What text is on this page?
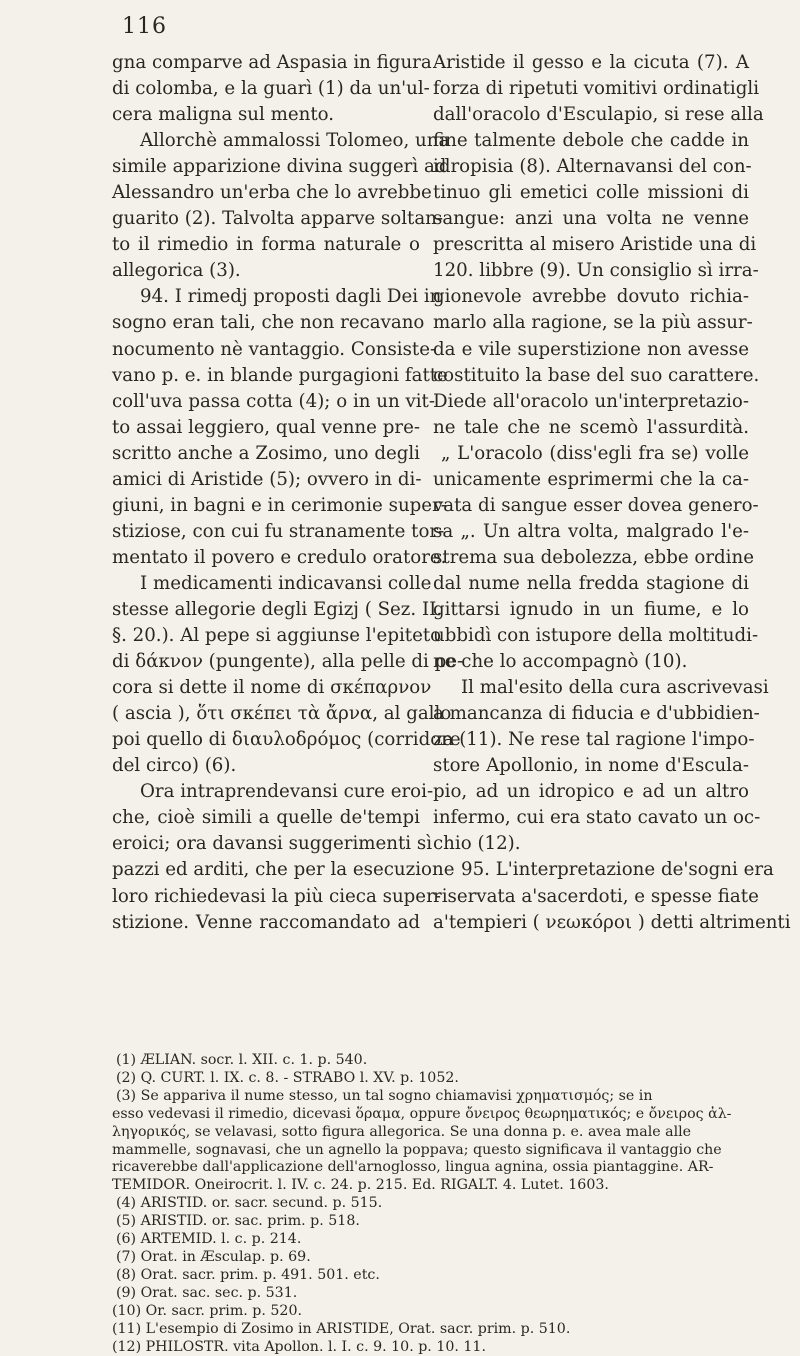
116

gna comparve ad Aspasia in figura

di colomba, e la guarì (1) da un'ul-

cera maligna sul mento.

Allorchè ammalossi Tolomeo, una

simile apparizione divina suggerì ad

Alessandro un'erba che lo avrebbe

guarito (2). Talvolta apparve soltan-

to il rimedio in forma naturale o

allegorica (3).

94. I rimedj proposti dagli Dei in

sogno eran tali, che non recavano

nocumento nè vantaggio. Consiste-

vano p. e. in blande purgagioni fatte

coll'uva passa cotta (4); o in un vit-

to assai leggiero, qual venne pre-

scritto anche a Zosimo, uno degli

amici di Aristide (5); ovvero in di-

giuni, in bagni e in cerimonie super-

stiziose, con cui fu stranamente tor-

mentato il povero e credulo oratore.

I medicamenti indicavansi colle

stesse allegorie degli Egizj ( Sez. II.

§. 20.). Al pepe si aggiunse l'epiteto

di δάκνον (pungente), alla pelle di pe-

cora si dette il nome di σκέπαρνον

( ascia ), ὅτι σκέπει τὰ ἄρνα, al gallo

poi quello di διαυλοδρόμος (corridore

del circo) (6).

Ora intraprendevansi cure eroi-

che, cioè simili a quelle de'tempi

eroici; ora davansi suggerimenti sì

pazzi ed arditi, che per la esecuzione

loro richiedevasi la più cieca super-

stizione. Venne raccomandato ad

Aristide il gesso e la cicuta (7). A

forza di ripetuti vomitivi ordinatigli

dall'oracolo d'Esculapio, si rese alla

fine talmente debole che cadde in

idropisia (8). Alternavansi del con-

tinuo gli emetici colle missioni di

sangue: anzi una volta ne venne

prescritta al misero Aristide una di

120. libbre (9). Un consiglio sì irra-

gionevole avrebbe dovuto richia-

marlo alla ragione, se la più assur-

da e vile superstizione non avesse

costituito la base del suo carattere.

Diede all'oracolo un'interpretazio-

ne tale che ne scemò l'assurdità.

„ L'oracolo (diss'egli fra se) volle

unicamente esprimermi che la ca-

vata di sangue esser dovea genero-

sa „. Un altra volta, malgrado l'e-

strema sua debolezza, ebbe ordine

dal nume nella fredda stagione di

gittarsi ignudo in un fiume, e lo

ubbidì con istupore della moltitudi-

ne che lo accompagnò (10).

Il mal'esito della cura ascrivevasi

a mancanza di fiducia e d'ubbidien-

za (11). Ne rese tal ragione l'impo-

store Apollonio, in nome d'Escula-

pio, ad un idropico e ad un altro

infermo, cui era stato cavato un oc-

chio (12).

95. L'interpretazione de'sogni era

riservata a'sacerdoti, e spesse fiate

a'tempieri ( νεωκόροι ) detti altrimenti

(1) ÆLIAN. socr. l. XII. c. 1. p. 540.

(2) Q. CURT. l. IX. c. 8. - STRABO l. XV. p. 1052.

(3) Se appariva il nume stesso, un tal sogno chiamavisi χρηματισμός; se in

esso vedevasi il rimedio, dicevasi ὅραμα, oppure ὄνειρος θεωρηματικός; e ὄνειρος ἀλ-

ληγορικός, se velavasi, sotto figura allegorica. Se una donna p. e. avea male alle

mammelle, sognavasi, che un agnello la poppava; questo significava il vantaggio che

ricaverebbe dall'applicazione dell'arnoglosso, lingua agnina, ossia piantaggine. AR-

TEMIDOR. Oneirocrit. l. IV. c. 24. p. 215. Ed. RIGALT. 4. Lutet. 1603.

(4) ARISTID. or. sacr. secund. p. 515.

(5) ARISTID. or. sac. prim. p. 518.

(6) ARTEMID. l. c. p. 214.

(7) Orat. in Æsculap. p. 69.

(8) Orat. sacr. prim. p. 491. 501. etc.

(9) Orat. sac. sec. p. 531.

(10) Or. sacr. prim. p. 520.

(11) L'esempio di Zosimo in ARISTIDE, Orat. sacr. prim. p. 510.

(12) PHILOSTR. vita Apollon. l. I. c. 9. 10. p. 10. 11.
